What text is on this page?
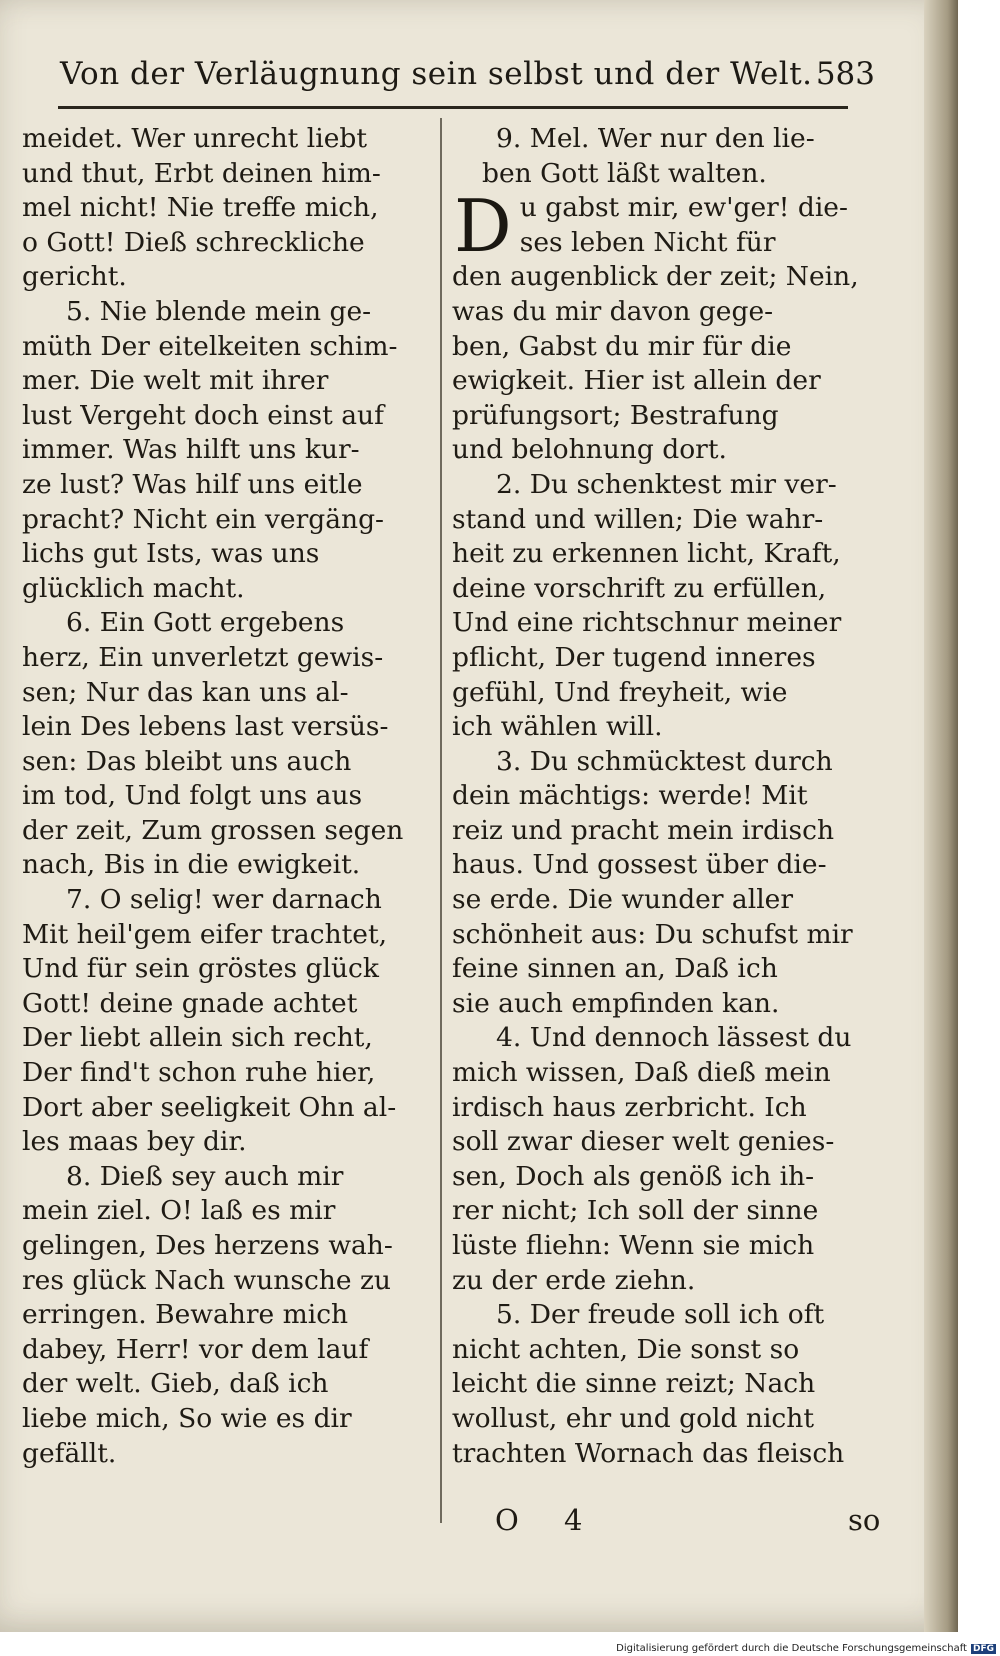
Von der Verläugnung sein selbst und der Welt. 583
meidet. Wer unrecht liebt
und thut, Erbt deinen him-
mel nicht! Nie treffe mich,
o Gott! Dieß schreckliche
gericht.
5. Nie blende mein ge-
müth Der eitelkeiten schim-
mer. Die welt mit ihrer
lust Vergeht doch einst auf
immer. Was hilft uns kur-
ze lust? Was hilf uns eitle
pracht? Nicht ein vergäng-
lichs gut Ists, was uns
glücklich macht.
6. Ein Gott ergebens
herz, Ein unverletzt gewis-
sen; Nur das kan uns al-
lein Des lebens last versüs-
sen: Das bleibt uns auch
im tod, Und folgt uns aus
der zeit, Zum grossen segen
nach, Bis in die ewigkeit.
7. O selig! wer darnach
Mit heil'gem eifer trachtet,
Und für sein gröstes glück
Gott! deine gnade achtet
Der liebt allein sich recht,
Der find't schon ruhe hier,
Dort aber seeligkeit Ohn al-
les maas bey dir.
8. Dieß sey auch mir
mein ziel. O! laß es mir
gelingen, Des herzens wah-
res glück Nach wunsche zu
erringen. Bewahre mich
dabey, Herr! vor dem lauf
der welt. Gieb, daß ich
liebe mich, So wie es dir
gefällt.
9. Mel. Wer nur den lie-
ben Gott läßt walten.
D u gabst mir, ew'ger! die-
ses leben Nicht für
den augenblick der zeit; Nein,
was du mir davon gege-
ben, Gabst du mir für die
ewigkeit. Hier ist allein der
prüfungsort; Bestrafung
und belohnung dort.
2. Du schenktest mir ver-
stand und willen; Die wahr-
heit zu erkennen licht, Kraft,
deine vorschrift zu erfüllen,
Und eine richtschnur meiner
pflicht, Der tugend inneres
gefühl, Und freyheit, wie
ich wählen will.
3. Du schmücktest durch
dein mächtigs: werde! Mit
reiz und pracht mein irdisch
haus. Und gossest über die-
se erde. Die wunder aller
schönheit aus: Du schufst mir
feine sinnen an, Daß ich
sie auch empfinden kan.
4. Und dennoch lässest du
mich wissen, Daß dieß mein
irdisch haus zerbricht. Ich
soll zwar dieser welt genies-
sen, Doch als genöß ich ih-
rer nicht; Ich soll der sinne
lüste fliehn: Wenn sie mich
zu der erde ziehn.
5. Der freude soll ich oft
nicht achten, Die sonst so
leicht die sinne reizt; Nach
wollust, ehr und gold nicht
trachten Wornach das fleisch
O 4	so
Digitalisierung gefördert durch die Deutsche Forschungsgemeinschaft DFG
